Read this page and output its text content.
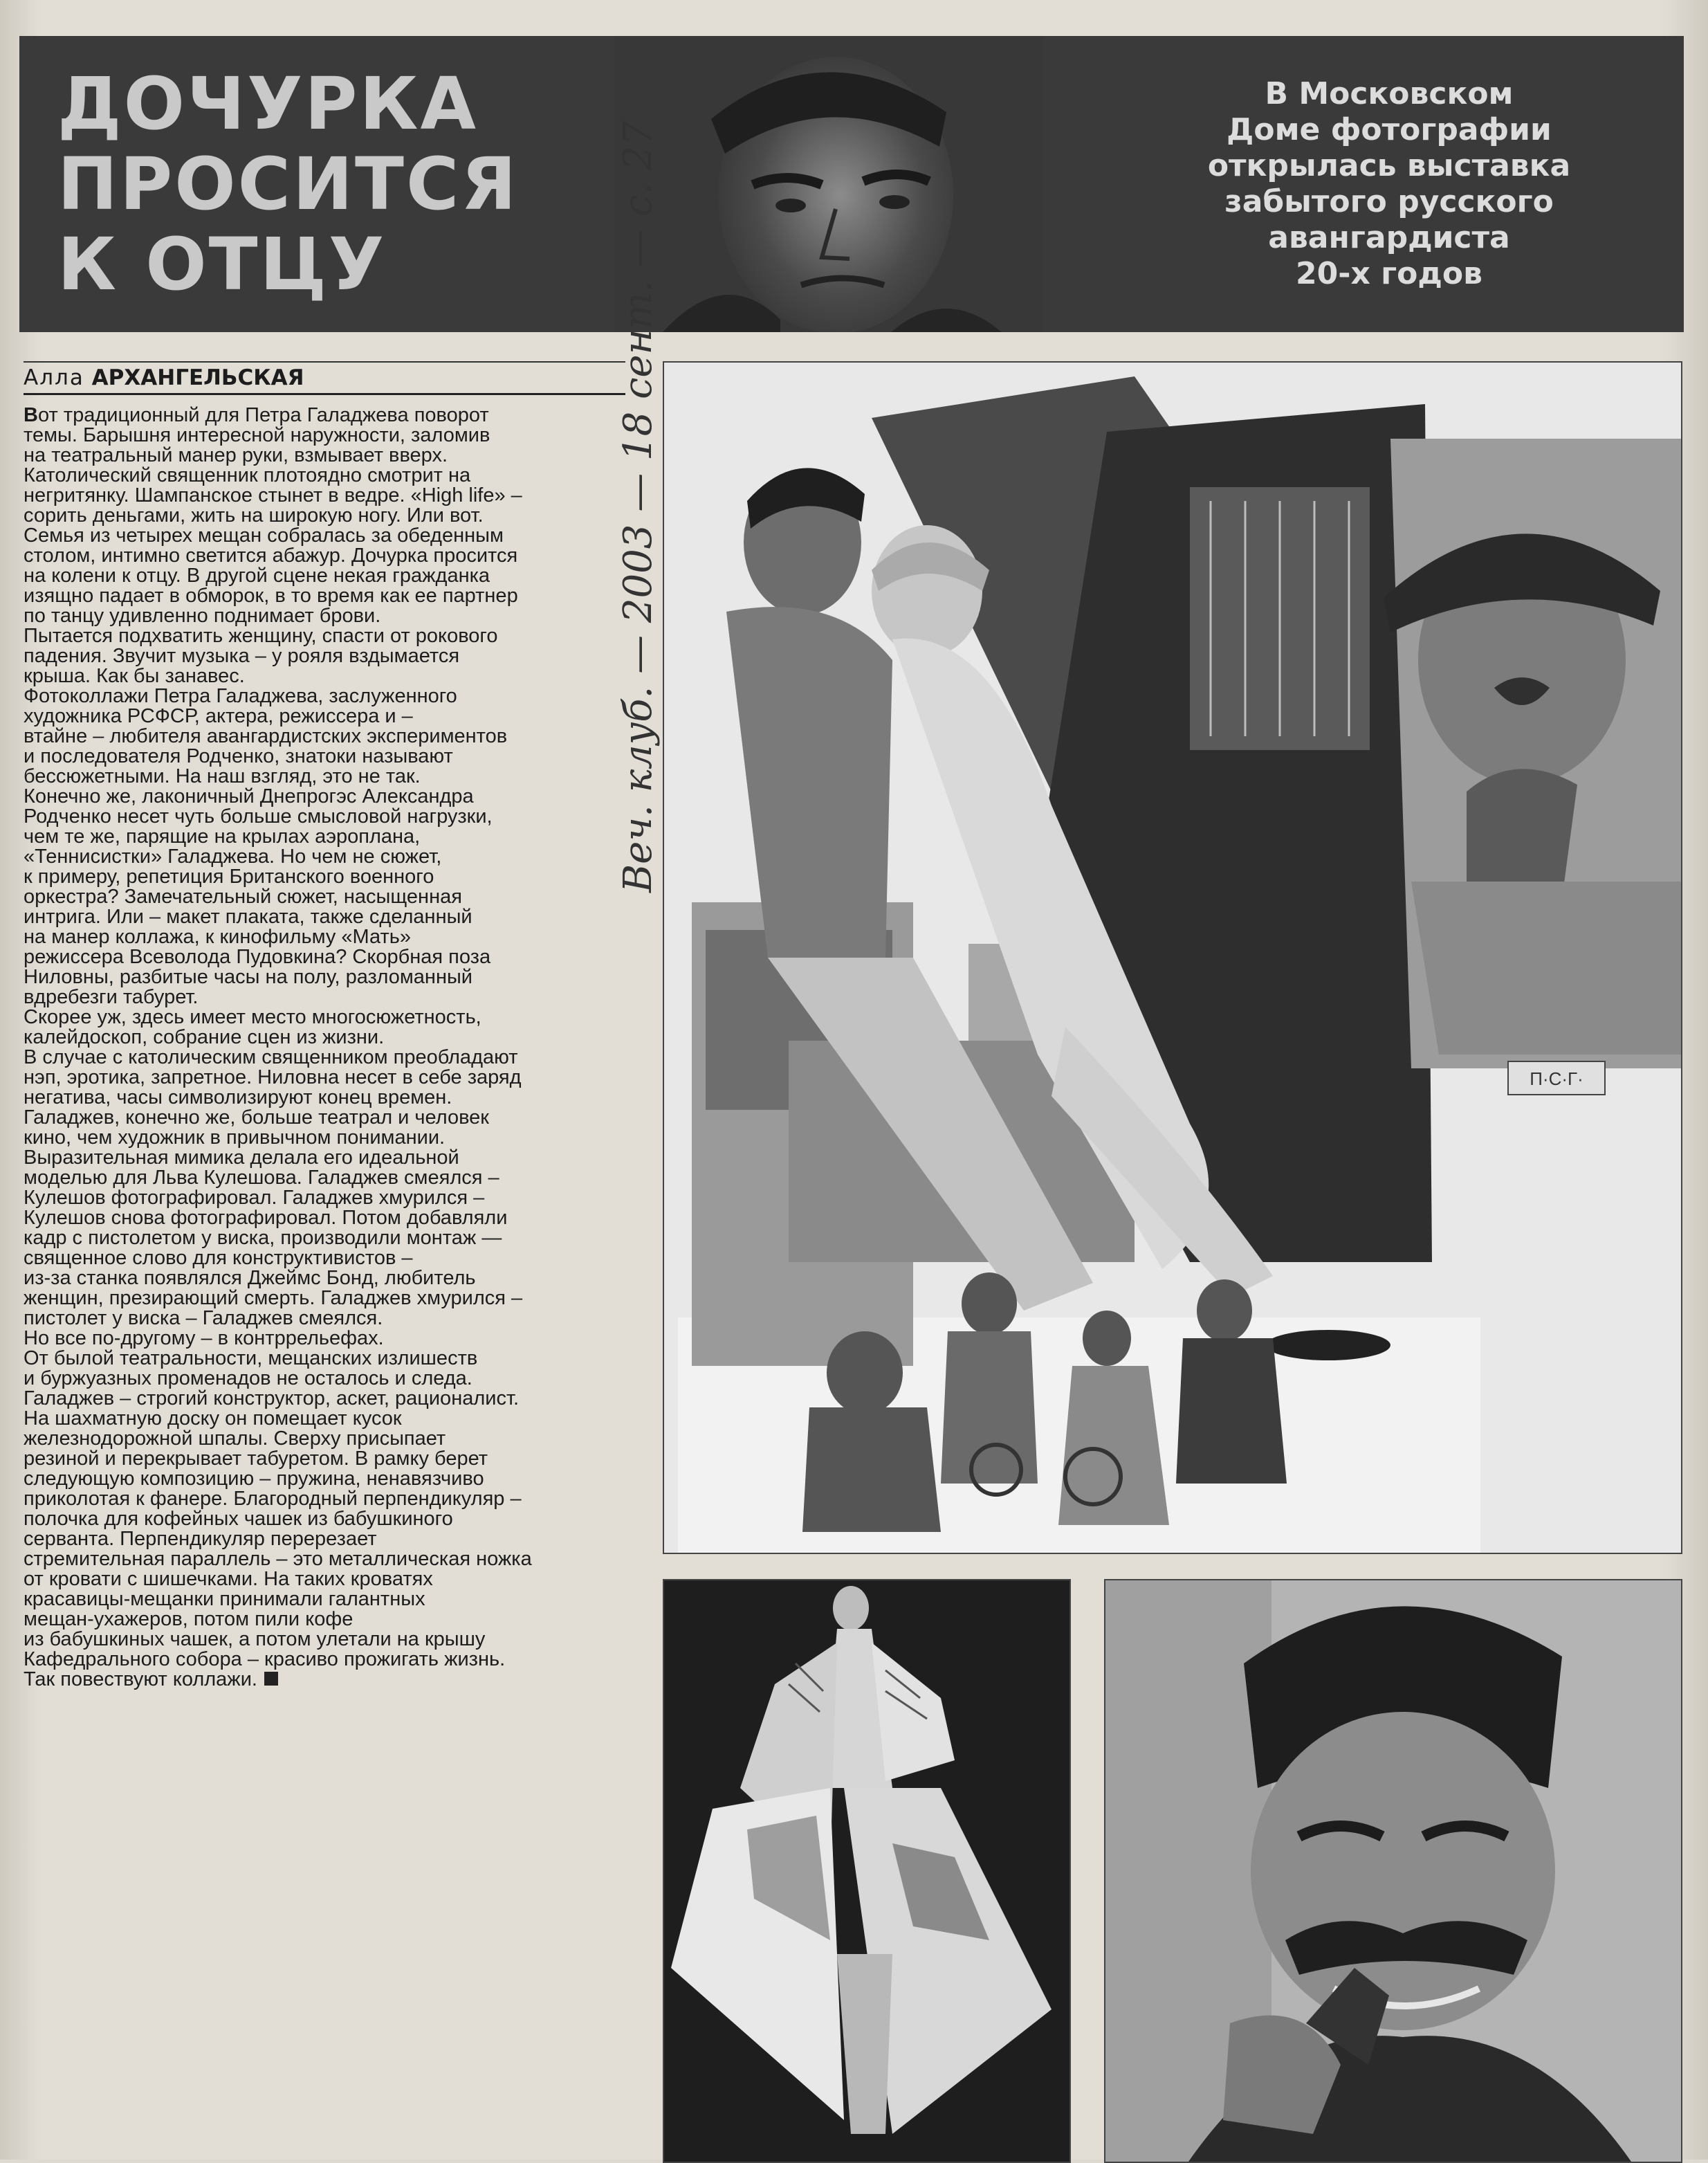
ДОЧУРКА
ПРОСИТСЯ
К ОТЦУ
В Московском
Доме фотографии
открылась выставка
забытого русского
авангардиста
20-х годов
Алла АРХАНГЕЛЬСКАЯ
Вот традиционный для Петра Галаджева поворот
темы. Барышня интересной наружности, заломив
на театральный манер руки, взмывает вверх.
Католический священник плотоядно смотрит на
негритянку. Шампанское стынет в ведре. «High life» –
сорить деньгами, жить на широкую ногу. Или вот.
Семья из четырех мещан собралась за обеденным
столом, интимно светится абажур. Дочурка просится
на колени к отцу. В другой сцене некая гражданка
изящно падает в обморок, в то время как ее партнер
по танцу удивленно поднимает брови.
Пытается подхватить женщину, спасти от рокового
падения. Звучит музыка – у рояля вздымается
крыша. Как бы занавес.
Фотоколлажи Петра Галаджева, заслуженного
художника РСФСР, актера, режиссера и –
втайне – любителя авангардистских экспериментов
и последователя Родченко, знатоки называют
бессюжетными. На наш взгляд, это не так.
Конечно же, лаконичный Днепрогэс Александра
Родченко несет чуть больше смысловой нагрузки,
чем те же, парящие на крылах аэроплана,
«Теннисистки» Галаджева. Но чем не сюжет,
к примеру, репетиция Британского военного
оркестра? Замечательный сюжет, насыщенная
интрига. Или – макет плаката, также сделанный
на манер коллажа, к кинофильму «Мать»
режиссера Всеволода Пудовкина? Скорбная поза
Ниловны, разбитые часы на полу, разломанный
вдребезги табурет.
Скорее уж, здесь имеет место многосюжетность,
калейдоскоп, собрание сцен из жизни.
В случае с католическим священником преобладают
нэп, эротика, запретное. Ниловна несет в себе заряд
негатива, часы символизируют конец времен.
Галаджев, конечно же, больше театрал и человек
кино, чем художник в привычном понимании.
Выразительная мимика делала его идеальной
моделью для Льва Кулешова. Галаджев смеялся –
Кулешов фотографировал. Галаджев хмурился –
Кулешов снова фотографировал. Потом добавляли
кадр с пистолетом у виска, производили монтаж —
священное слово для конструктивистов –
из-за станка появлялся Джеймс Бонд, любитель
женщин, презирающий смерть. Галаджев хмурился –
пистолет у виска – Галаджев смеялся.
Но все по-другому – в контррельефах.
От былой театральности, мещанских излишеств
и буржуазных променадов не осталось и следа.
Галаджев – строгий конструктор, аскет, рационалист.
На шахматную доску он помещает кусок
железнодорожной шпалы. Сверху присыпает
резиной и перекрывает табуретом. В рамку берет
следующую композицию – пружина, ненавязчиво
приколотая к фанере. Благородный перпендикуляр –
полочка для кофейных чашек из бабушкиного
серванта. Перпендикуляр перерезает
стремительная параллель – это металлическая ножка
от кровати с шишечками. На таких кроватях
красавицы-мещанки принимали галантных
мещан-ухажеров, потом пили кофе
из бабушкиных чашек, а потом улетали на крышу
Кафедрального собора – красиво прожигать жизнь.
Так повествуют коллажи.
Веч. клуб. — 2003 — 18 сент. — с. 27
П·С·Г·
